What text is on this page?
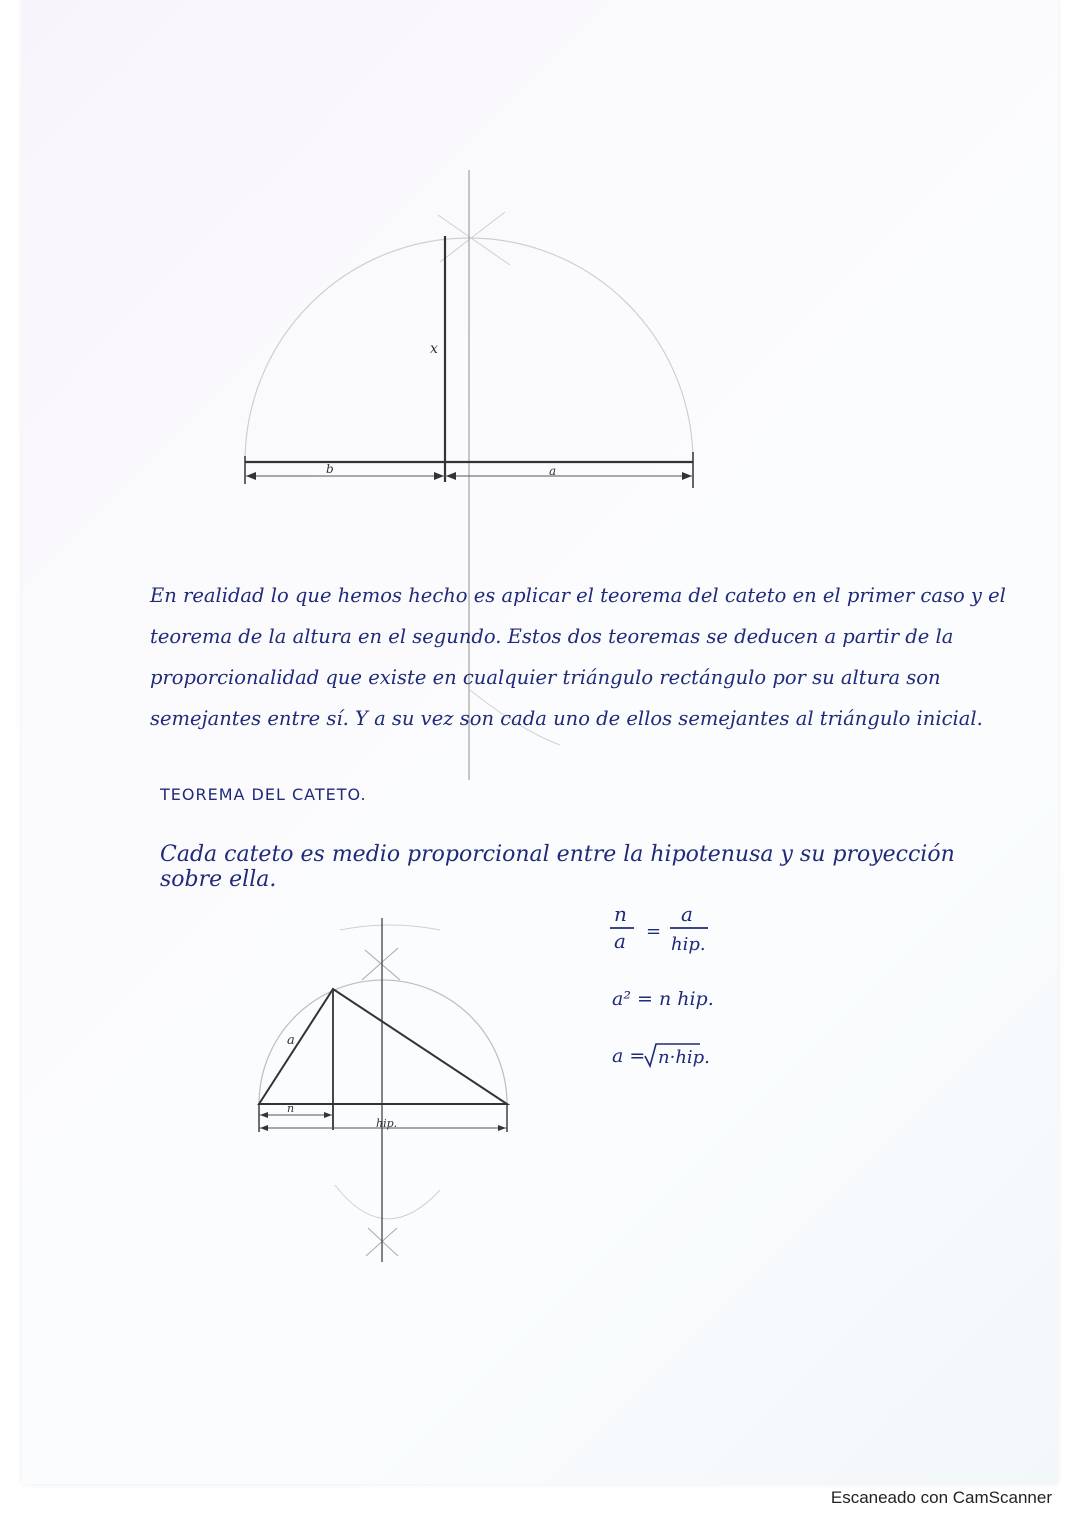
x
b	a
a
n
hip.
n
a =
a
hip.
a² = n hip.
a = n·hip.

En realidad lo que hemos hecho es aplicar el teorema del cateto en el primer caso y el teorema de la altura en el segundo. Estos dos teoremas se deducen a partir de la proporcionalidad que existe en cualquier triángulo rectángulo por su altura son semejantes entre sí. Y a su vez son cada uno de ellos semejantes al triángulo inicial.

TEOREMA DEL CATETO.

Cada cateto es medio proporcional entre la hipotenusa y su proyección sobre ella.

Escaneado con CamScanner
